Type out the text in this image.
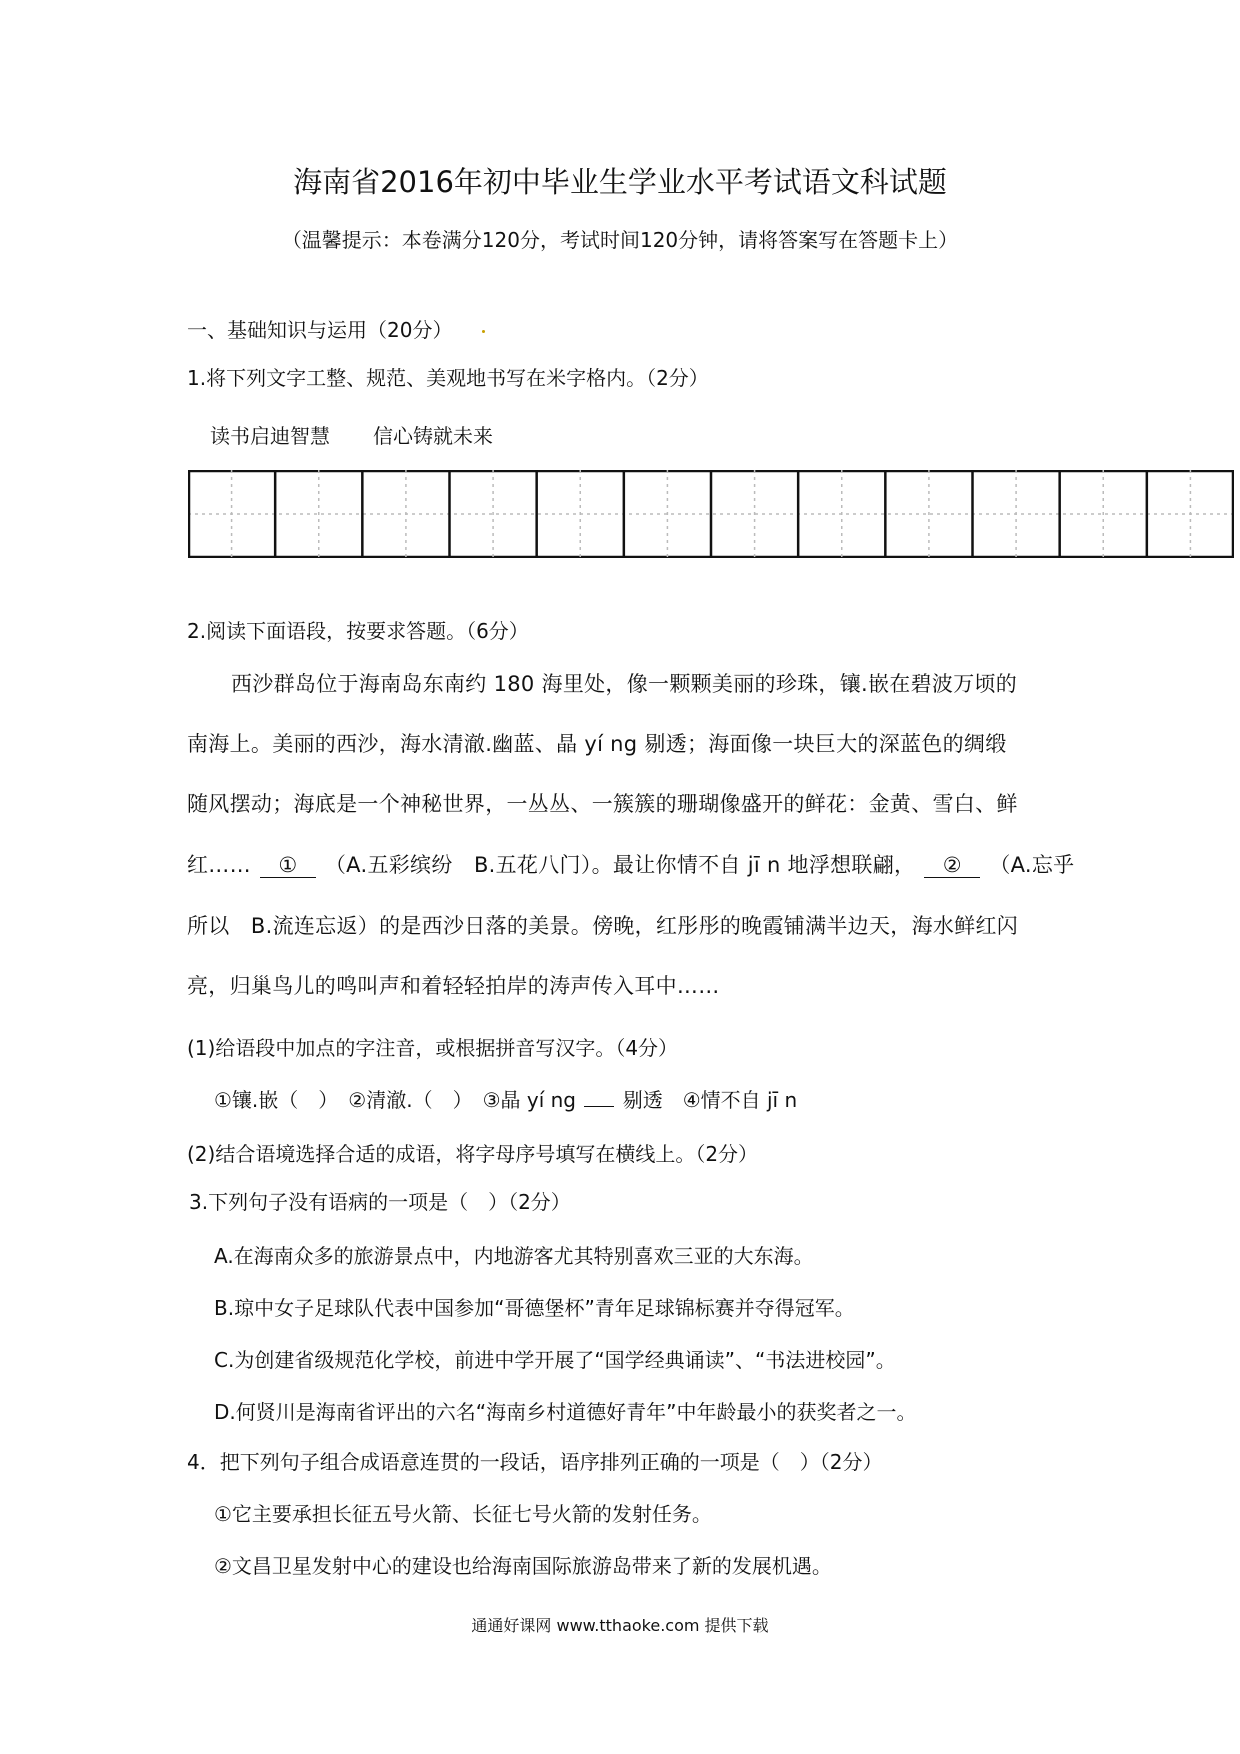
海南省2016年初中毕业生学业水平考试语文科试题
（温馨提示：本卷满分120分，考试时间120分钟，请将答案写在答题卡上）
一、基础知识与运用（20分）
1.将下列文字工整、规范、美观地书写在米字格内。（2分）
读书启迪智慧 信心铸就未来
2.阅读下面语段，按要求答题。（6分）
西沙群岛位于海南岛东南约 180 海里处，像一颗颗美丽的珍珠，镶.嵌在碧波万顷的
南海上。美丽的西沙，海水清澈.幽蓝、晶 yí ng 剔透；海面像一块巨大的深蓝色的绸缎
随风摆动；海底是一个神秘世界，一丛丛、一簇簇的珊瑚像盛开的鲜花：金黄、雪白、鲜
红…… ① （A.五彩缤纷　B.五花八门）。最让你情不自 jī n 地浮想联翩， ② （A.忘乎
所以　B.流连忘返）的是西沙日落的美景。傍晚，红彤彤的晚霞铺满半边天，海水鲜红闪
亮，归巢鸟儿的鸣叫声和着轻轻拍岸的涛声传入耳中……
(1)给语段中加点的字注音，或根据拼音写汉字。（4分）
①镶.嵌（　）　②清澈.（　）　③晶 yí ng 剔透　④情不自 jī n
(2)结合语境选择合适的成语，将字母序号填写在横线上。（2分）
3.下列句子没有语病的一项是（　）（2分）
A.在海南众多的旅游景点中，内地游客尤其特别喜欢三亚的大东海。
B.琼中女子足球队代表中国参加“哥德堡杯”青年足球锦标赛并夺得冠军。
C.为创建省级规范化学校，前进中学开展了“国学经典诵读”、“书法进校园”。
D.何贤川是海南省评出的六名“海南乡村道德好青年”中年龄最小的获奖者之一。
4．把下列句子组合成语意连贯的一段话，语序排列正确的一项是（　）（2分）
①它主要承担长征五号火箭、长征七号火箭的发射任务。
②文昌卫星发射中心的建设也给海南国际旅游岛带来了新的发展机遇。
通通好课网 www.tthaoke.com 提供下载
